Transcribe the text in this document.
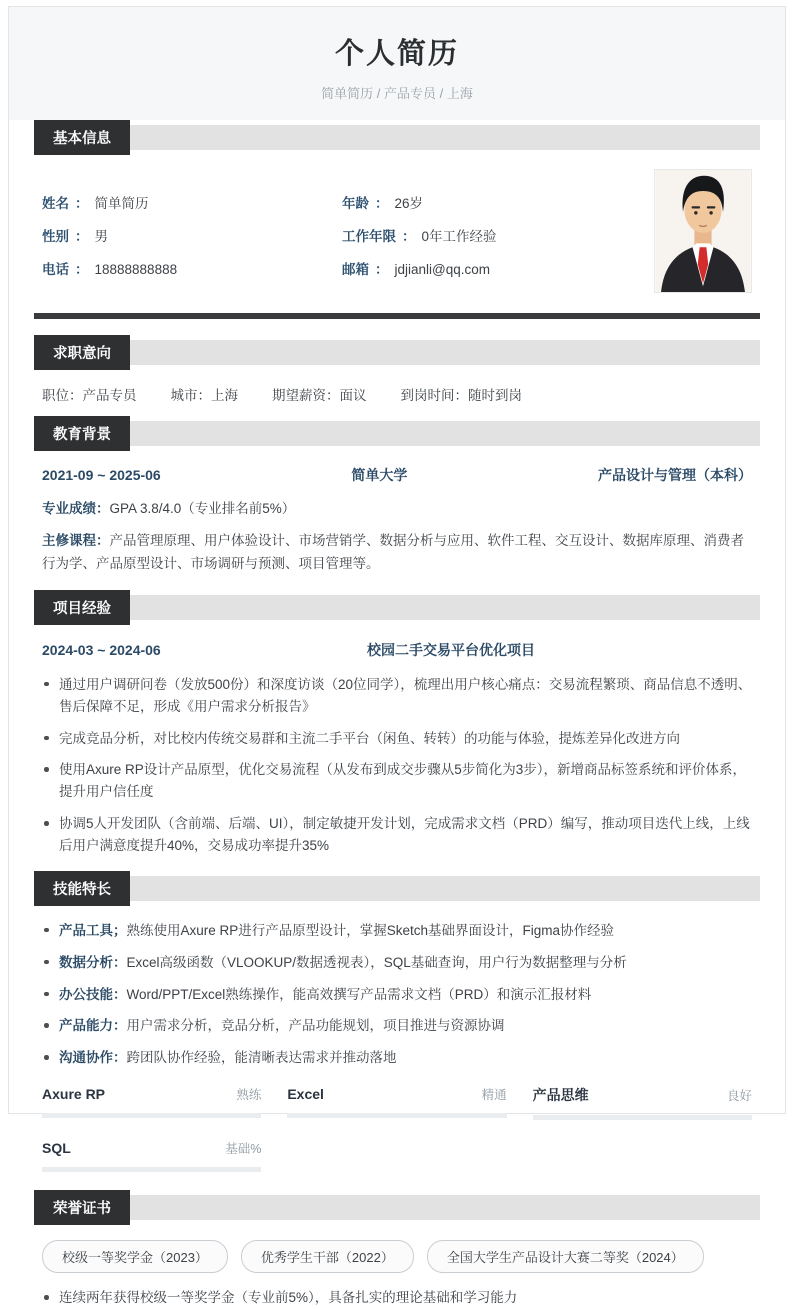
个人简历
简单简历 / 产品专员 / 上海
基本信息
姓名 ： 简单简历	年龄 ： 26岁
性别 ： 男	工作年限 ： 0年工作经验
电话 ： 18888888888	邮箱 ： jdjianli@qq.com
求职意向
职位：产品专员	城市：上海	期望薪资：面议	到岗时间：随时到岗
教育背景
2021-09 ~ 2025-06	简单大学	产品设计与管理（本科）
专业成绩：GPA 3.8/4.0（专业排名前5%）
主修课程：产品管理原理、用户体验设计、市场营销学、数据分析与应用、软件工程、交互设计、数据库原理、消费者行为学、产品原型设计、市场调研与预测、项目管理等。
项目经验
2024-03 ~ 2024-06	校园二手交易平台优化项目
通过用户调研问卷（发放500份）和深度访谈（20位同学），梳理出用户核心痛点：交易流程繁琐、商品信息不透明、售后保障不足，形成《用户需求分析报告》
完成竞品分析，对比校内传统交易群和主流二手平台（闲鱼、转转）的功能与体验，提炼差异化改进方向
使用Axure RP设计产品原型，优化交易流程（从发布到成交步骤从5步简化为3步），新增商品标签系统和评价体系，提升用户信任度
协调5人开发团队（含前端、后端、UI），制定敏捷开发计划，完成需求文档（PRD）编写，推动项目迭代上线，上线后用户满意度提升40%，交易成功率提升35%
技能特长
产品工具；熟练使用Axure RP进行产品原型设计，掌握Sketch基础界面设计，Figma协作经验
数据分析：Excel高级函数（VLOOKUP/数据透视表），SQL基础查询，用户行为数据整理与分析
办公技能：Word/PPT/Excel熟练操作，能高效撰写产品需求文档（PRD）和演示汇报材料
产品能力：用户需求分析，竞品分析，产品功能规划，项目推进与资源协调
沟通协作：跨团队协作经验，能清晰表达需求并推动落地
Axure RP	熟练 Excel	精通 产品思维	良好
SQL	基础%
荣誉证书
校级一等奖学金（2023）	优秀学生干部（2022）	全国大学生产品设计大赛二等奖（2024）
连续两年获得校级一等奖学金（专业前5%），具备扎实的理论基础和学习能力
